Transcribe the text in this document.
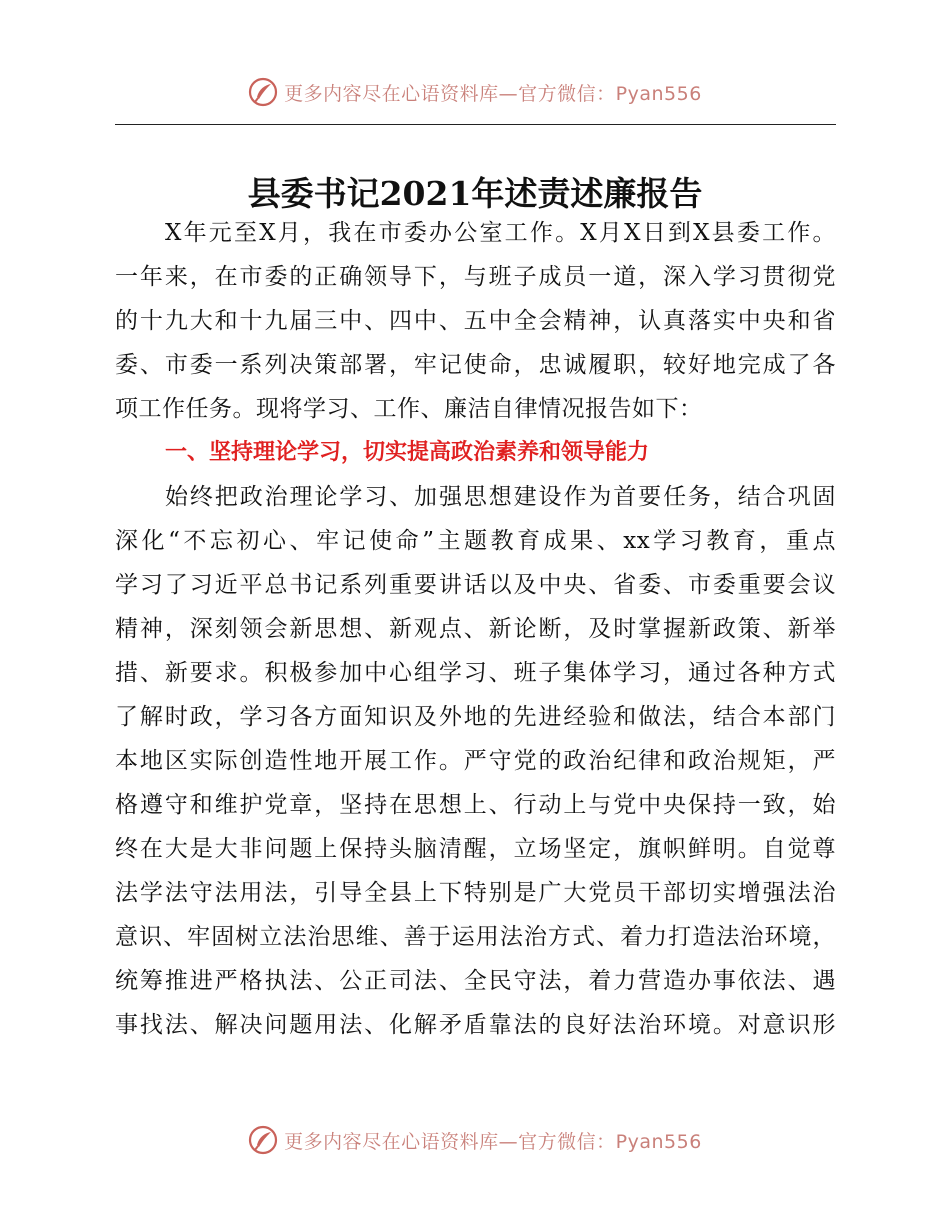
更多内容尽在心语资料库—官方微信：Pyan556
县委书记2021年述责述廉报告
X年元至X月，我在市委办公室工作。X月X日到X县委工作。
一年来，在市委的正确领导下，与班子成员一道，深入学习贯彻党
的十九大和十九届三中、四中、五中全会精神，认真落实中央和省
委、市委一系列决策部署，牢记使命，忠诚履职，较好地完成了各
项工作任务。现将学习、工作、廉洁自律情况报告如下：
一、坚持理论学习，切实提高政治素养和领导能力
始终把政治理论学习、加强思想建设作为首要任务，结合巩固
深化“不忘初心、牢记使命”主题教育成果、xx学习教育，重点
学习了习近平总书记系列重要讲话以及中央、省委、市委重要会议
精神，深刻领会新思想、新观点、新论断，及时掌握新政策、新举
措、新要求。积极参加中心组学习、班子集体学习，通过各种方式
了解时政，学习各方面知识及外地的先进经验和做法，结合本部门
本地区实际创造性地开展工作。严守党的政治纪律和政治规矩，严
格遵守和维护党章，坚持在思想上、行动上与党中央保持一致，始
终在大是大非问题上保持头脑清醒，立场坚定，旗帜鲜明。自觉尊
法学法守法用法，引导全县上下特别是广大党员干部切实增强法治
意识、牢固树立法治思维、善于运用法治方式、着力打造法治环境，
统筹推进严格执法、公正司法、全民守法，着力营造办事依法、遇
事找法、解决问题用法、化解矛盾靠法的良好法治环境。对意识形
更多内容尽在心语资料库—官方微信：Pyan556
